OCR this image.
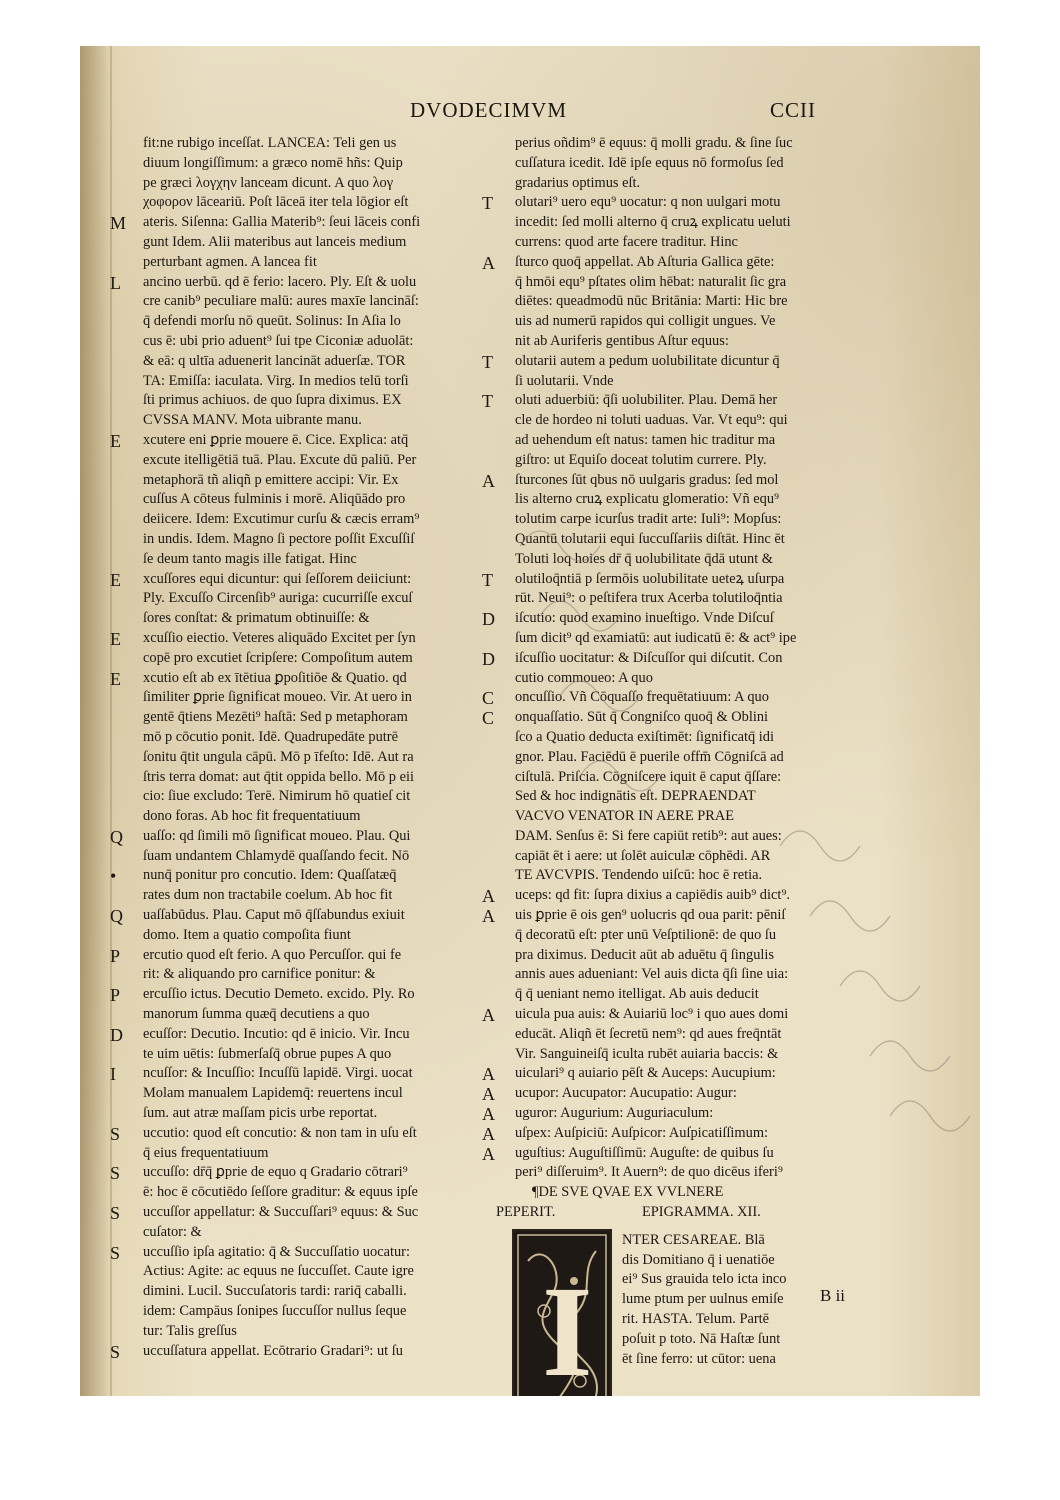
DVODECIMVM	CCII
fit:ne rubigo inceſſat. LANCEA: Teli gen us
diuum longiſſimum: a græco nomē hñs: Quip
pe græci λογχην lanceam dicunt. A quo λογ
χοφορον lāceariū. Poſt lāceā iter tela lōgior eſt
M	ateris. Siſenna: Gallia Materib⁹: ſeui lāceis confi
gunt Idem. Alii materibus aut lanceis medium
perturbant agmen. A lancea fit
L	ancino uerbū. qd ē ferio: lacero. Ply. Eſt & uolu
cre canib⁹ peculiare malū: aures maxīe lancināſ:
q̄ defendi morſu nō queūt. Solinus: In Aſia lo
cus ē: ubi prio aduent⁹ ſui tpe Ciconiæ aduolāt:
& eā: q ultīa aduenerit lancināt aduerſæ. TOR
TA: Emiſſa: iaculata. Virg. In medios telū torſi
ſti primus achiuos. de quo ſupra diximus. EX
CVSSA MANV. Mota uibrante manu.
E	xcutere eni ꝑprie mouere ē. Cice. Explica: atq̄
excute itelligētiā tuā. Plau. Excute dū paliū. Per
metaphorā tñ aliqñ p emittere accipi: Vir. Ex
cuſſus A cōteus fulminis i morē. Aliqūādo pro
deiicere. Idem: Excutimur curſu & cæcis erram⁹
in undis. Idem. Magno ſi pectore poſſit Excuſſiſ
ſe deum tanto magis ille fatigat. Hinc
E	xcuſſores equi dicuntur: qui ſeſſorem deiiciunt:
Ply. Excuſſo Circenſib⁹ auriga: cucurriſſe excuſ
ſores conſtat: & primatum obtinuiſſe: &
E	xcuſſio eiectio. Veteres aliquādo Excitet per ſyn
copē pro excutiet ſcripſere: Compoſitum autem
E	xcutio eſt ab ex ītētiua ꝑpoſitiōe & Quatio. qd
ſimiliter ꝑprie ſignificat moueo. Vir. At uero in
gentē q̄tiens Mezēti⁹ haſtā: Sed p metaphoram
mō p cōcutio ponit. Idē. Quadrupedāte putrē
ſonitu q̄tit ungula cāpū. Mō p īfeſto: Idē. Aut ra
ſtris terra domat: aut q̄tit oppida bello. Mō p eii
cio: ſiue excludo: Terē. Nimirum hō quatieſ cit
dono foras. Ab hoc fit frequentatiuum
Q	uaſſo: qd ſimili mō ſignificat moueo. Plau. Qui
ſuam undantem Chlamydē quaſſando fecit. Nō
•	nunq̄ ponitur pro concutio. Idem: Quaſſatæq̄
rates dum non tractabile coelum. Ab hoc fit
Q	uaſſabūdus. Plau. Caput mō q̄ſſabundus exiuit
domo. Item a quatio compoſita fiunt
P	ercutio quod eſt ferio. A quo Percuſſor. qui fe
rit: & aliquando pro carnifice ponitur: &
P	ercuſſio ictus. Decutio Demeto. excido. Ply. Ro
manorum ſumma quæq̄ decutiens a quo
D	ecuſſor: Decutio. Incutio: qd ē inicio. Vir. Incu
te uim uētis: ſubmerſaſq̄ obrue pupes A quo
I	ncuſſor: & Incuſſio: Incuſſū lapidē. Virgi. uocat
Molam manualem Lapidemq̄: reuertens incul
ſum. aut atræ maſſam picis urbe reportat.
S	uccutio: quod eſt concutio: & non tam in uſu eſt
q̄ eius frequentatiuum
S	uccuſſo: dr̄q̄ ꝑprie de equo q Gradario cōtrari⁹
ē: hoc ē cōcutiēdo ſeſſore graditur: & equus ipſe
S	uccuſſor appellatur: & Succuſſari⁹ equus: & Suc
cuſator: &
S	uccuſſio ipſa agitatio: q̄ & Succuſſatio uocatur:
Actius: Agite: ac equus ne ſuccuſſet. Caute igre
dimini. Lucil. Succuſatoris tardi: rariq̄ caballi.
idem: Campāus ſonipes ſuccuſſor nullus ſeque
tur: Talis greſſus
S	uccuſſatura appellat. Ecōtrario Gradari⁹: ut ſu
perius oñdim⁹ ē equus: q̄ molli gradu. & ſine ſuc
cuſſatura icedit. Idē ipſe equus nō formoſus ſed
gradarius optimus eſt.
T	olutari⁹ uero equ⁹ uocatur: q non uulgari motu
incedit: ſed molli alterno q̄ cruꝝ explicatu ueluti
currens: quod arte facere traditur. Hinc
A	ſturco quoq̄ appellat. Ab Aſturia Gallica gēte:
q̄ hmōi equ⁹ pſtates olim hēbat: naturalit ſic gra
diētes: queadmodū nūc Britānia: Marti: Hic bre
uis ad numerū rapidos qui colligit ungues. Ve
nit ab Auriferis gentibus Aſtur equus:
T	olutarii autem a pedum uolubilitate dicuntur q̄
ſi uolutarii. Vnde
T	oluti aduerbiū: q̄ſi uolubiliter. Plau. Demā her
cle de hordeo ni toluti uaduas. Var. Vt equ⁹: qui
ad uehendum eſt natus: tamen hic traditur ma
giſtro: ut Equiſo doceat tolutim currere. Ply.
A	ſturcones ſūt qbus nō uulgaris gradus: ſed mol
lis alterno cruꝝ explicatu glomeratio: Vñ equ⁹
tolutim carpe icurſus tradit arte: Iuli⁹: Mopſus:
Quantū tolutarii equi ſuccuſſariis diſtāt. Hinc ēt
Toluti loq hoies dr̄ q̄ uolubilitate q̄dā utunt &
T	olutiloq̄ntiā p ſermōis uolubilitate ueteꝝ uſurpa
rūt. Neui⁹: o peſtifera trux Acerba tolutiloq̄ntia
D	iſcutio: quod examino inueſtigo. Vnde Diſcuſ
ſum dicit⁹ qd examiatū: aut iudicatū ē: & act⁹ ipe
D	iſcuſſio uocitatur: & Diſcuſſor qui diſcutit. Con
cutio commoueo: A quo
C	oncuſſio. Vñ Cōquaſſo frequētatiuum: A quo
C	onquaſſatio. Sūt q̄ Congniſco quoq̄ & Oblini
ſco a Quatio deducta exiſtimēt: ſignificatq̄ idi
gnor. Plau. Faciēdū ē puerile offm̄ Cōgniſcā ad
ciſtulā. Priſcia. Cōgniſcere iquit ē caput q̄ſſare:
Sed & hoc indignātis eſt. DEPRAENDAT
VACVO VENATOR IN AERE PRAE
DAM. Senſus ē: Si fere capiūt retib⁹: aut aues:
capiāt ēt i aere: ut ſolēt auiculæ cōphēdi. AR
TE AVCVPIS. Tendendo uiſcū: hoc ē retia.
A	uceps: qd fit: ſupra dixius a capiēdis auib⁹ dict⁹.
A	uis ꝑprie ē ois gen⁹ uolucris qd oua parit: pēniſ
q̄ decoratū eſt: pter unū Veſptilionē: de quo ſu
pra diximus. Deducit aūt ab aduētu q̄ ſingulis
annis aues adueniant: Vel auis dicta q̄ſi ſine uia:
q̄ q̄ ueniant nemo itelligat. Ab auis deducit
A	uicula pua auis: & Auiariū loc⁹ i quo aues domi
educāt. Aliqñ ēt ſecretū nem⁹: qd aues freq̄ntāt
Vir. Sanguineiſq̄ iculta rubēt auiaria baccis: &
A	uiculari⁹ q auiario pēſt & Auceps: Aucupium:
A	ucupor: Aucupator: Aucupatio: Augur:
A	uguror: Augurium: Auguriaculum:
A	uſpex: Auſpiciū: Auſpicor: Auſpicatiſſimum:
A	uguſtius: Auguſtiſſimū: Auguſte: de quibus ſu
peri⁹ diſſeruim⁹. It Auern⁹: de quo dicēus iferi⁹
¶DE SVE QVAE EX VVLNERE
PEPERIT.	EPIGRAMMA. XII.
I
NTER CESAREAE. Blā
dis Domitiano q̄ i uenatiōe
ei⁹ Sus grauida telo icta inco
lume ptum per uulnus emiſe
rit. HASTA. Telum. Partē
poſuit p toto. Nā Haſtæ ſunt
ēt ſine ferro: ut cūtor: uena
B ii
